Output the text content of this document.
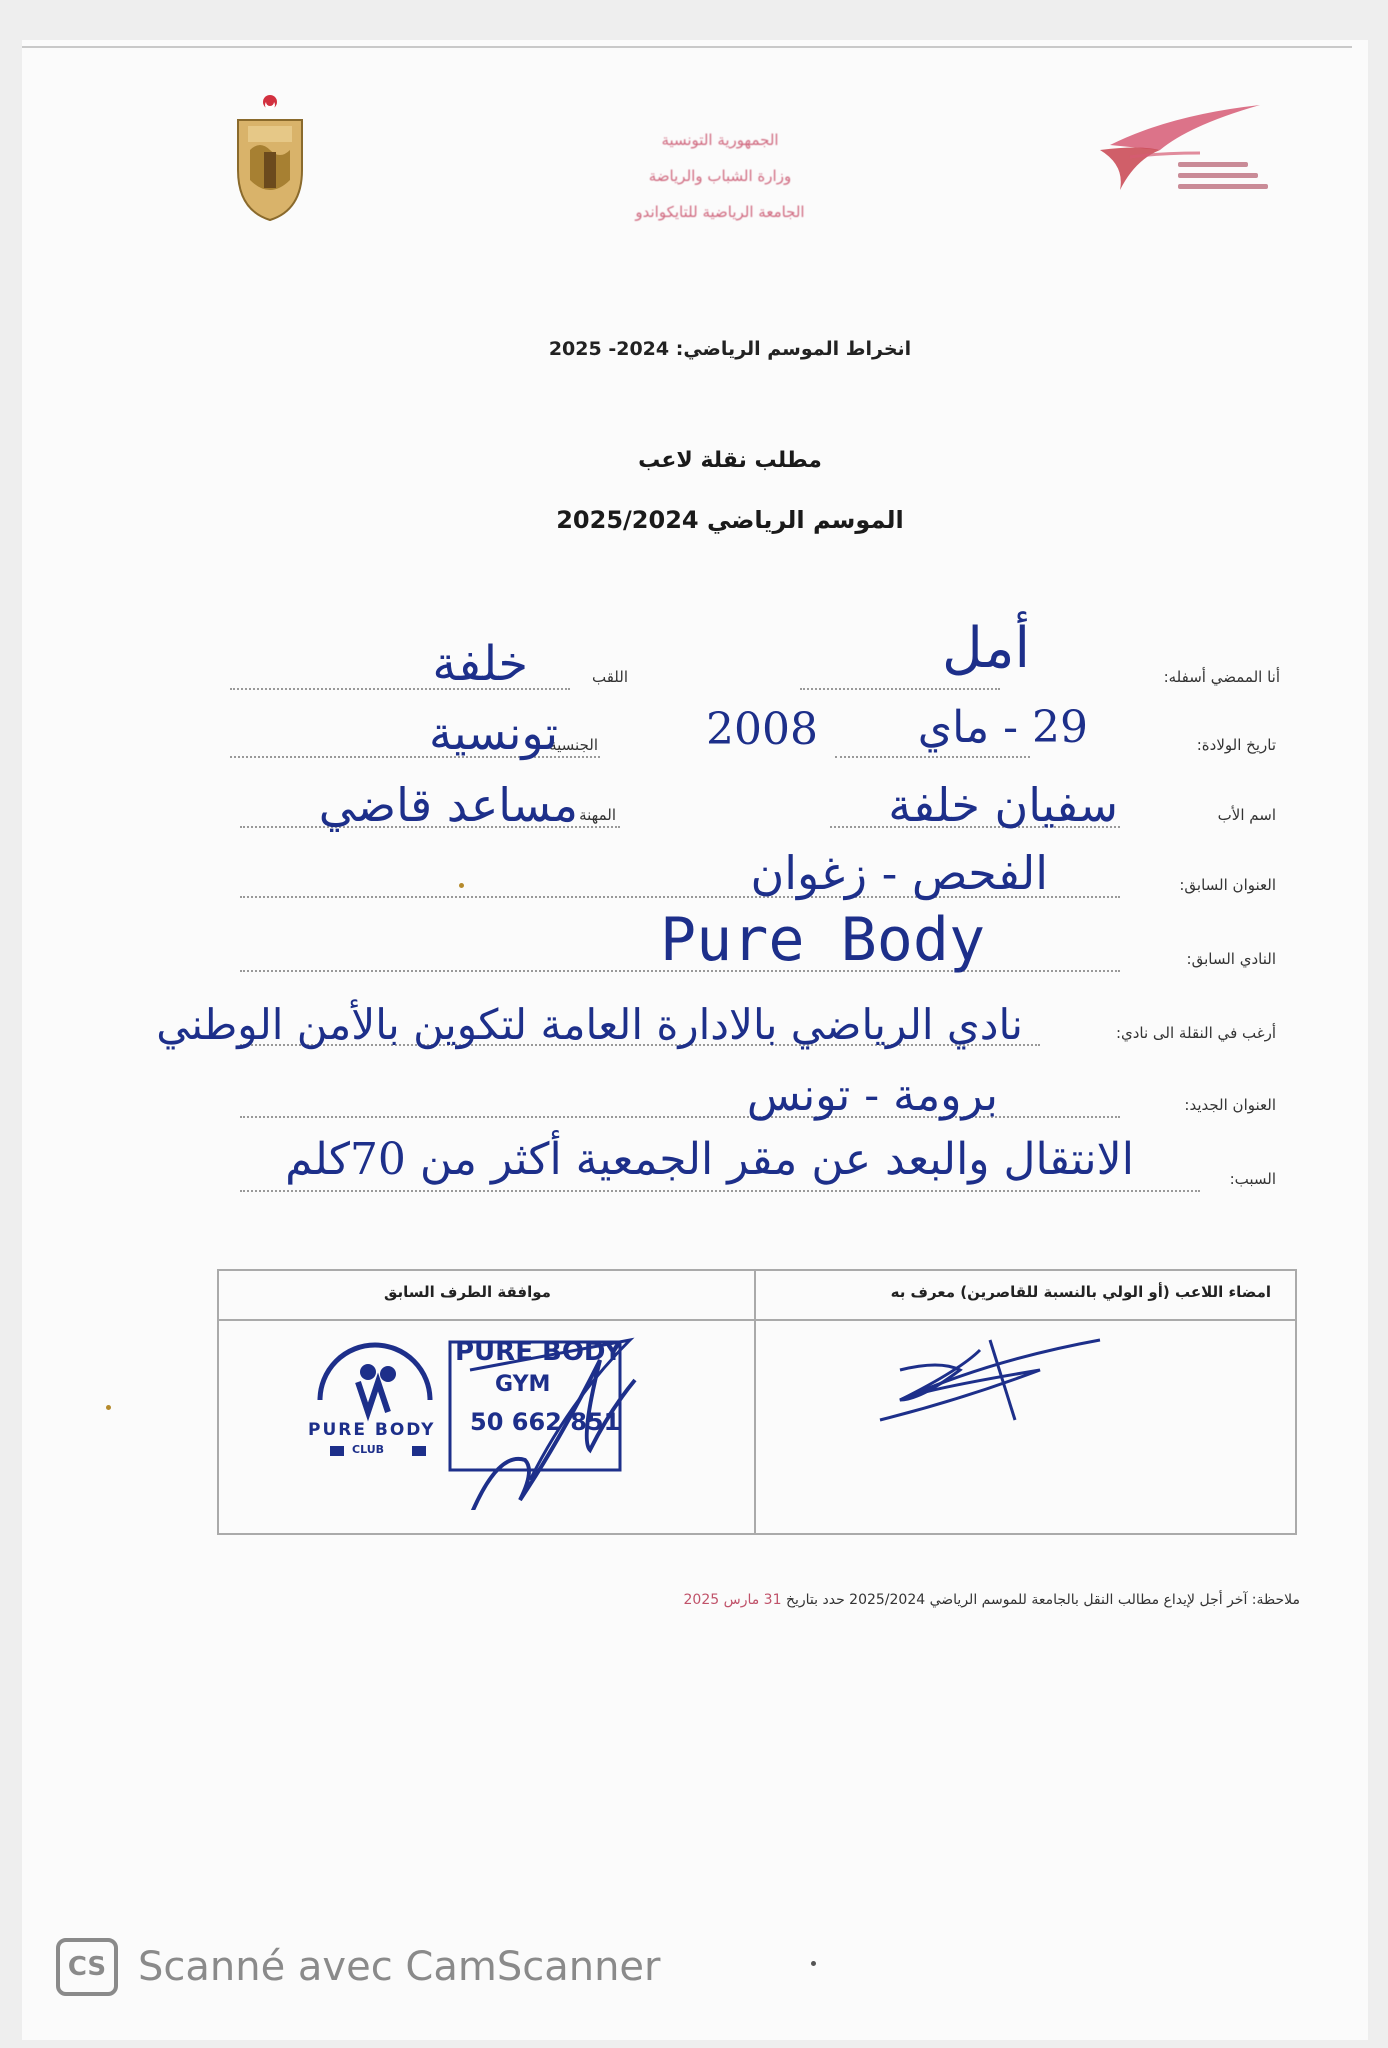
الجمهورية التونسية
وزارة الشباب والرياضة
الجامعة الرياضية للتايكواندو
انخراط الموسم الرياضي: 2024- 2025
مطلب نقلة لاعب
الموسم الرياضي 2025/2024
أنا الممضي أسفله:
أمل
اللقب
خلفة
تاريخ الولادة:
29 - ماي
2008
الجنسية
تونسية
اسم الأب
سفيان خلفة
المهنة
مساعد قاضي
العنوان السابق:
الفحص - زغوان
النادي السابق:
Pure Body
أرغب في النقلة الى نادي:
نادي الرياضي بالادارة العامة لتكوين بالأمن الوطني
العنوان الجديد:
برومة - تونس
السبب:
الانتقال والبعد عن مقر الجمعية أكثر من 70كلم
امضاء اللاعب (أو الولي بالنسبة للقاصرين) معرف به
موافقة الطرف السابق
PURE BODY
GYM
50 662 851
PURE BODY
CLUB
ملاحظة: آخر أجل لإيداع مطالب النقل بالجامعة للموسم الرياضي 2025/2024 حدد بتاريخ 31 مارس 2025
CS Scanné avec CamScanner
